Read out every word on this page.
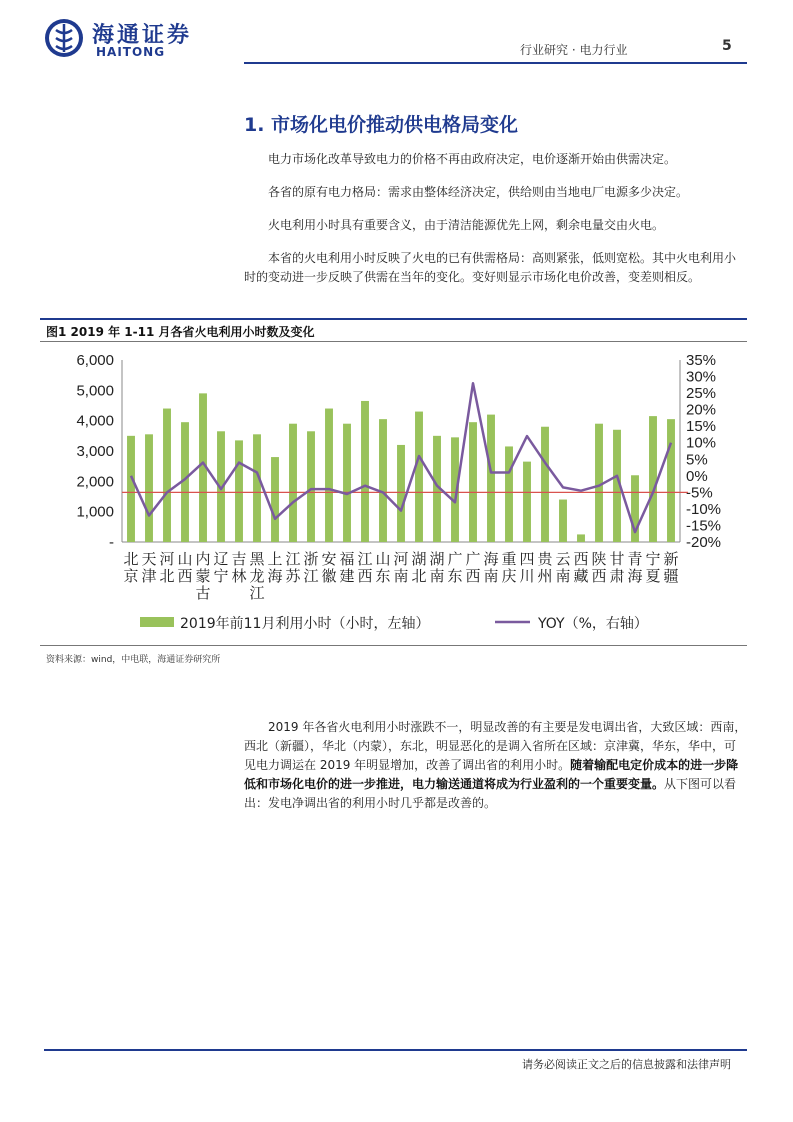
海通证券
HAITONG	行业研究 · 电力行业	5
1. 市场化电价推动供电格局变化
电力市场化改革导致电力的价格不再由政府决定，电价逐渐开始由供需决定。
各省的原有电力格局：需求由整体经济决定，供给则由当地电厂电源多少决定。
火电利用小时具有重要含义，由于清洁能源优先上网，剩余电量交由火电。
本省的火电利用小时反映了火电的已有供需格局：高则紧张，低则宽松。其中火电利用小时的变动进一步反映了供需在当年的变化。变好则显示市场化电价改善，变差则相反。
图1 2019 年 1-11 月各省火电利用小时数及变化
-
1,000
2,000
3,000
4,000
5,000
6,000
-20%
-15%
-10%
-5%
0%
5%
10%
15%
20%
25%
30%
35%
北京
天津
河北
山西
内蒙古
辽宁
吉林
黑龙江
上海
江苏
浙江
安徽
福建
江西
山东
河南
湖北
湖南
广东
广西
海南
重庆
四川
贵州
云南
西藏
陕西
甘肃
青海
宁夏
新疆
2019年前11月利用小时（小时，左轴）	YOY（%，右轴）
资料来源：wind，中电联，海通证券研究所
2019 年各省火电利用小时涨跌不一，明显改善的有主要是发电调出省，大致区域：西南，西北（新疆），华北（内蒙），东北，明显恶化的是调入省所在区域：京津冀，华东，华中，可见电力调运在 2019 年明显增加，改善了调出省的利用小时。随着输配电定价成本的进一步降低和市场化电价的进一步推进，电力输送通道将成为行业盈利的一个重要变量。从下图可以看出：发电净调出省的利用小时几乎都是改善的。
请务必阅读正文之后的信息披露和法律声明
